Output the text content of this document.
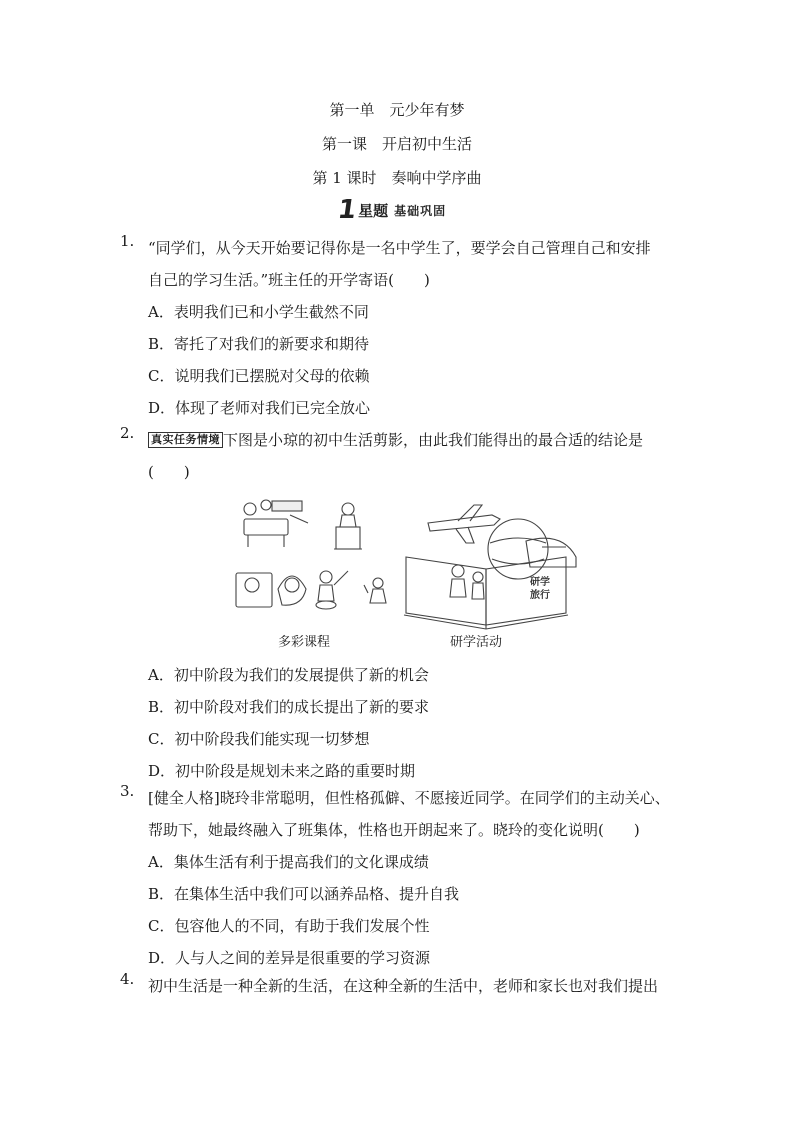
第一单　元少年有梦
第一课　开启初中生活
第 1 课时　奏响中学序曲
1 星题 基础巩固
1. “同学们，从今天开始要记得你是一名中学生了，要学会自己管理自己和安排
自己的学习生活。”班主任的开学寄语(　　)
A．表明我们已和小学生截然不同
B．寄托了对我们的新要求和期待
C．说明我们已摆脱对父母的依赖
D．体现了老师对我们已完全放心
2.	真实任务情境 下图是小琼的初中生活剪影，由此我们能得出的最合适的结论是
(　　)
研学
旅行
多彩课程	研学活动
A．初中阶段为我们的发展提供了新的机会
B．初中阶段对我们的成长提出了新的要求
C．初中阶段我们能实现一切梦想
D．初中阶段是规划未来之路的重要时期
3. [健全人格]晓玲非常聪明，但性格孤僻、不愿接近同学。在同学们的主动关心、
帮助下，她最终融入了班集体，性格也开朗起来了。晓玲的变化说明(　　)
A．集体生活有利于提高我们的文化课成绩
B．在集体生活中我们可以涵养品格、提升自我
C．包容他人的不同，有助于我们发展个性
D．人与人之间的差异是很重要的学习资源
4. 初中生活是一种全新的生活，在这种全新的生活中，老师和家长也对我们提出
